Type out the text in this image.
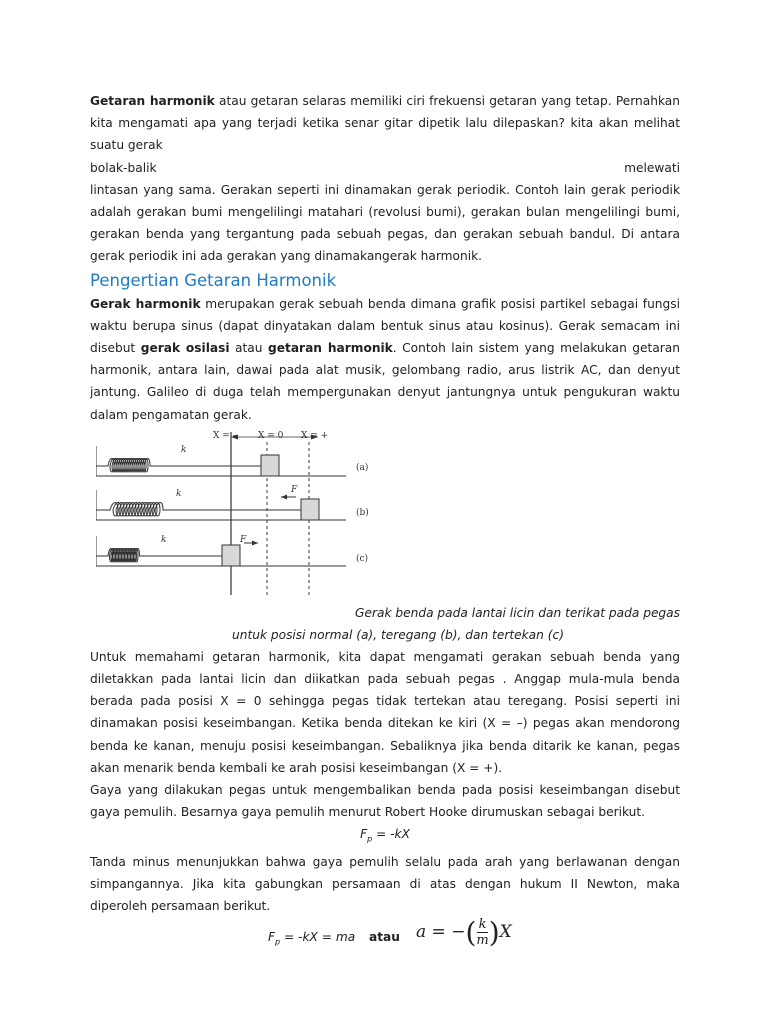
Getaran harmonik atau getaran selaras memiliki ciri frekuensi getaran yang tetap. Pernahkan kita mengamati apa yang terjadi ketika senar gitar dipetik lalu dilepaskan? kita akan melihat suatu gerak

bolak-balik	melewati

lintasan yang sama. Gerakan seperti ini dinamakan gerak periodik. Contoh lain gerak periodik adalah gerakan bumi mengelilingi matahari (revolusi bumi), gerakan bulan mengelilingi bumi, gerakan benda yang tergantung pada sebuah pegas, dan gerakan sebuah bandul. Di antara gerak periodik ini ada gerakan yang dinamakangerak harmonik.

Pengertian Getaran Harmonik

Gerak harmonik merupakan gerak sebuah benda dimana grafik posisi partikel sebagai fungsi waktu berupa sinus (dapat dinyatakan dalam bentuk sinus atau kosinus). Gerak semacam ini disebut gerak osilasi atau getaran harmonik. Contoh lain sistem yang melakukan getaran harmonik, antara lain, dawai pada alat musik, gelombang radio, arus listrik AC, dan denyut jantung. Galileo di duga telah mempergunakan denyut jantungnya untuk pengukuran waktu dalam pengamatan gerak.

X = – X = 0 X = +
k
k
k
F
F
(a)
(b)
(c)

Gerak benda pada lantai licin dan terikat pada pegas

untuk posisi normal (a), teregang (b), dan tertekan (c)

Untuk memahami getaran harmonik, kita dapat mengamati gerakan sebuah benda yang diletakkan pada lantai licin dan diikatkan pada sebuah pegas . Anggap mula-mula benda berada pada posisi X = 0 sehingga pegas tidak tertekan atau teregang. Posisi seperti ini dinamakan posisi keseimbangan. Ketika benda ditekan ke kiri (X = –) pegas akan mendorong benda ke kanan, menuju posisi keseimbangan. Sebaliknya jika benda ditarik ke kanan, pegas akan menarik benda kembali ke arah posisi keseimbangan (X = +).

Gaya yang dilakukan pegas untuk mengembalikan benda pada posisi keseimbangan disebut gaya pemulih. Besarnya gaya pemulih menurut Robert Hooke dirumuskan sebagai berikut.

$F_p = -kX$

Tanda minus menunjukkan bahwa gaya pemulih selalu pada arah yang berlawanan dengan simpangannya. Jika kita gabungkan persamaan di atas dengan hukum II Newton, maka diperoleh persamaan berikut.

$F_p = -kX$ = ma atau a = −( $\frac{k}{m} )X$
